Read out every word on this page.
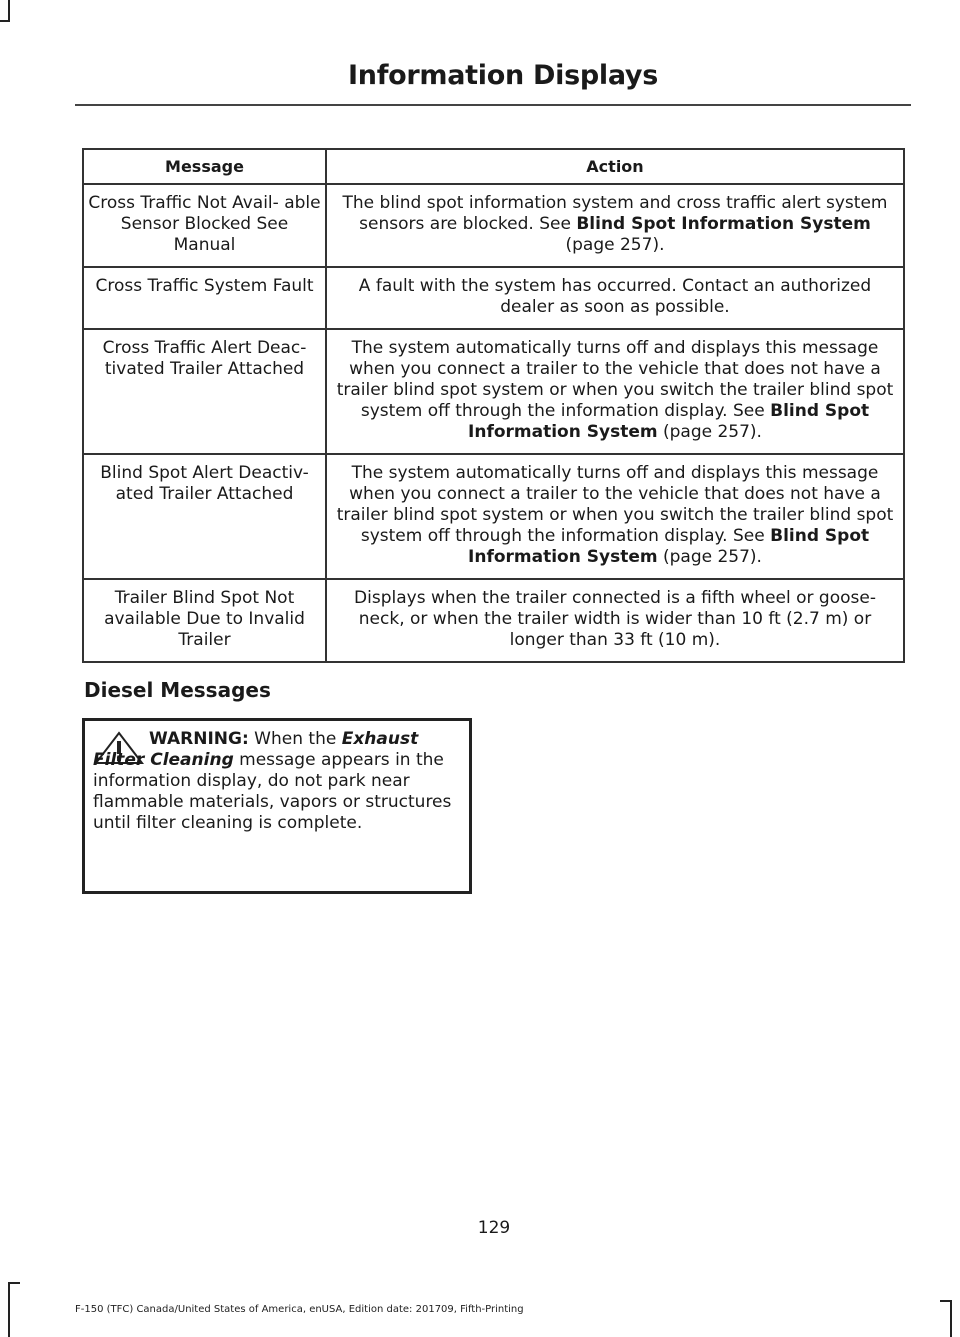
Information Displays
Message	Action
Cross Traffic Not Avail- able Sensor Blocked See Manual	The blind spot information system and cross traffic alert system sensors are blocked. See Blind Spot Information System (page 257).
Cross Traffic System Fault	A fault with the system has occurred. Contact an authorized dealer as soon as possible.
Cross Traffic Alert Deac- tivated Trailer Attached	The system automatically turns off and displays this message when you connect a trailer to the vehicle that does not have a trailer blind spot system or when you switch the trailer blind spot system off through the information display. See Blind Spot Information System (page 257).
Blind Spot Alert Deactiv- ated Trailer Attached	The system automatically turns off and displays this message when you connect a trailer to the vehicle that does not have a trailer blind spot system or when you switch the trailer blind spot system off through the information display. See Blind Spot Information System (page 257).
Trailer Blind Spot Not available Due to Invalid Trailer	Displays when the trailer connected is a fifth wheel or goose- neck, or when the trailer width is wider than 10 ft (2.7 m) or longer than 33 ft (10 m).
Diesel Messages
WARNING: When the Exhaust Filter Cleaning message appears in the information display, do not park near flammable materials, vapors or structures until filter cleaning is complete.
129
F-150 (TFC) Canada/United States of America, enUSA, Edition date: 201709, Fifth-Printing
